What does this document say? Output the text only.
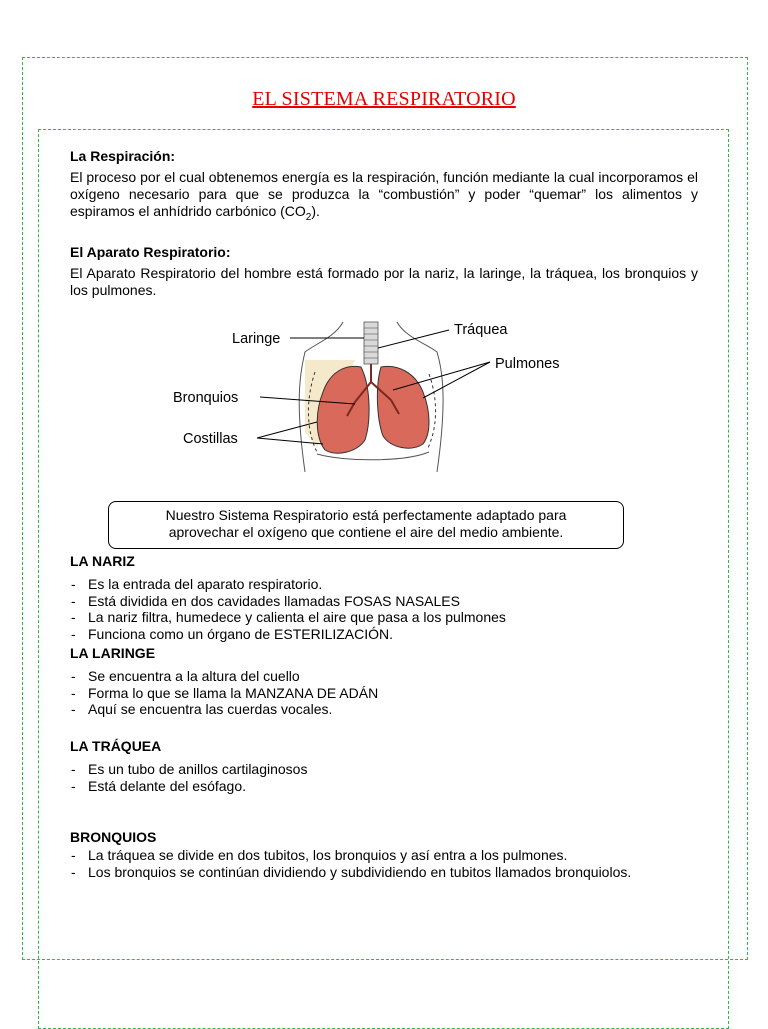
EL SISTEMA RESPIRATORIO

La Respiración:

El proceso por el cual obtenemos energía es la respiración, función mediante la cual incorporamos el oxígeno necesario para que se produzca la “combustión” y poder “quemar” los alimentos y espiramos el anhídrido carbónico $(CO_2)$.

El Aparato Respiratorio:

El Aparato Respiratorio del hombre está formado por la nariz, la laringe, la tráquea, los bronquios y los pulmones.

Laringe
Tráquea
Pulmones
Bronquios
Costillas
Nuestro Sistema Respiratorio está perfectamente adaptado para
aprovechar el oxígeno que contiene el aire del medio ambiente.

LA NARIZ

- Es la entrada del aparato respiratorio.
- Está dividida en dos cavidades llamadas FOSAS NASALES
- La nariz filtra, humedece y calienta el aire que pasa a los pulmones
- Funciona como un órgano de ESTERILIZACIÓN.

LA LARINGE

- Se encuentra a la altura del cuello
- Forma lo que se llama la MANZANA DE ADÁN
- Aquí se encuentra las cuerdas vocales.

LA TRÁQUEA

- Es un tubo de anillos cartilaginosos
- Está delante del esófago.

BRONQUIOS

- La tráquea se divide en dos tubitos, los bronquios y así entra a los pulmones.
- Los bronquios se continúan dividiendo y subdividiendo en tubitos llamados bronquiolos.
